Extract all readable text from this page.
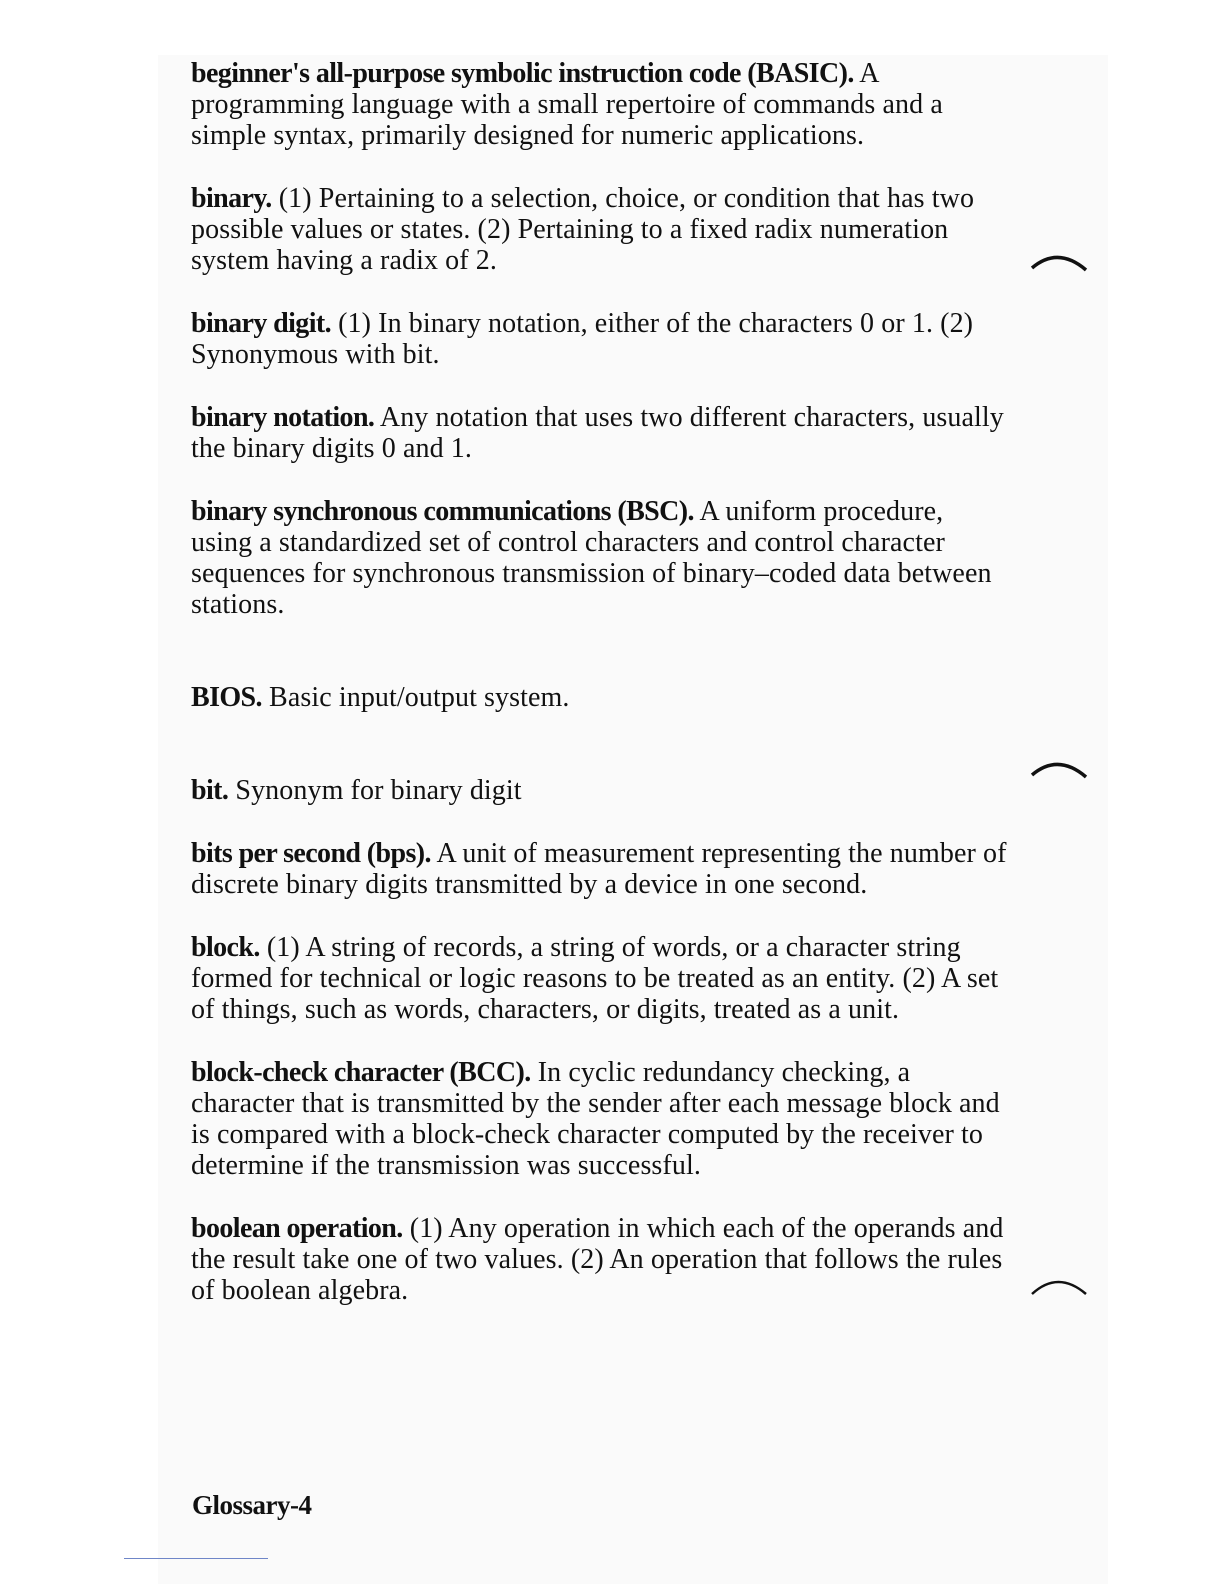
beginner's all-purpose symbolic instruction code (BASIC). A programming language with a small repertoire of commands and a simple syntax, primarily designed for numeric applications.

binary. (1) Pertaining to a selection, choice, or condition that has two possible values or states. (2) Pertaining to a fixed radix numeration system having a radix of 2.

binary digit. (1) In binary notation, either of the characters 0 or 1. (2) Synonymous with bit.

binary notation. Any notation that uses two different characters, usually the binary digits 0 and 1.

binary synchronous communications (BSC). A uniform procedure, using a standardized set of control characters and control character sequences for synchronous transmission of binary–coded data between stations.

BIOS. Basic input/output system.

bit. Synonym for binary digit

bits per second (bps). A unit of measurement representing the number of discrete binary digits transmitted by a device in one second.

block. (1) A string of records, a string of words, or a character string formed for technical or logic reasons to be treated as an entity. (2) A set of things, such as words, characters, or digits, treated as a unit.

block-check character (BCC). In cyclic redundancy checking, a character that is transmitted by the sender after each message block and is compared with a block-check character computed by the receiver to determine if the transmission was successful.

boolean operation. (1) Any operation in which each of the operands and the result take one of two values. (2) An operation that follows the rules of boolean algebra.

Glossary-4
